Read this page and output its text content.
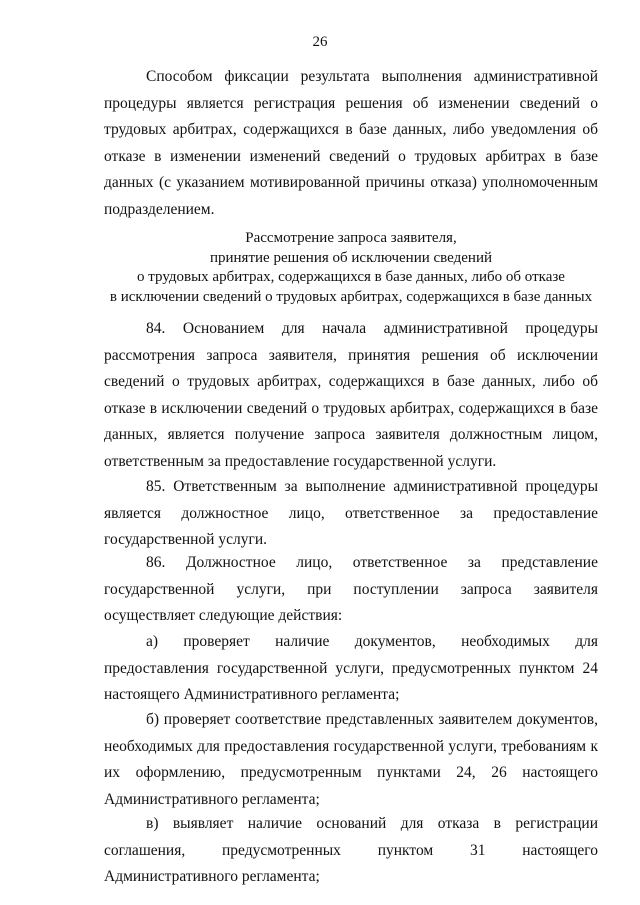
26

Способом фиксации результата выполнения административной процедуры является регистрация решения об изменении сведений о трудовых арбитрах, содержащихся в базе данных, либо уведомления об отказе в изменении изменений сведений о трудовых арбитрах в базе данных (с указанием мотивированной причины отказа) уполномоченным подразделением.

Рассмотрение запроса заявителя,
принятие решения об исключении сведений
о трудовых арбитрах, содержащихся в базе данных, либо об отказе
в исключении сведений о трудовых арбитрах, содержащихся в базе данных

84. Основанием для начала административной процедуры рассмотрения запроса заявителя, принятия решения об исключении сведений о трудовых арбитрах, содержащихся в базе данных, либо об отказе в исключении сведений о трудовых арбитрах, содержащихся в базе данных, является получение запроса заявителя должностным лицом, ответственным за предоставление государственной услуги.

85. Ответственным за выполнение административной процедуры является должностное лицо, ответственное за предоставление государственной услуги.

86. Должностное лицо, ответственное за представление государственной услуги, при поступлении запроса заявителя осуществляет следующие действия:

а) проверяет наличие документов, необходимых для предоставления государственной услуги, предусмотренных пунктом 24 настоящего Административного регламента;

б) проверяет соответствие представленных заявителем документов, необходимых для предоставления государственной услуги, требованиям к их оформлению, предусмотренным пунктами 24, 26 настоящего Административного регламента;

в) выявляет наличие оснований для отказа в регистрации соглашения, предусмотренных пунктом 31 настоящего Административного регламента;
